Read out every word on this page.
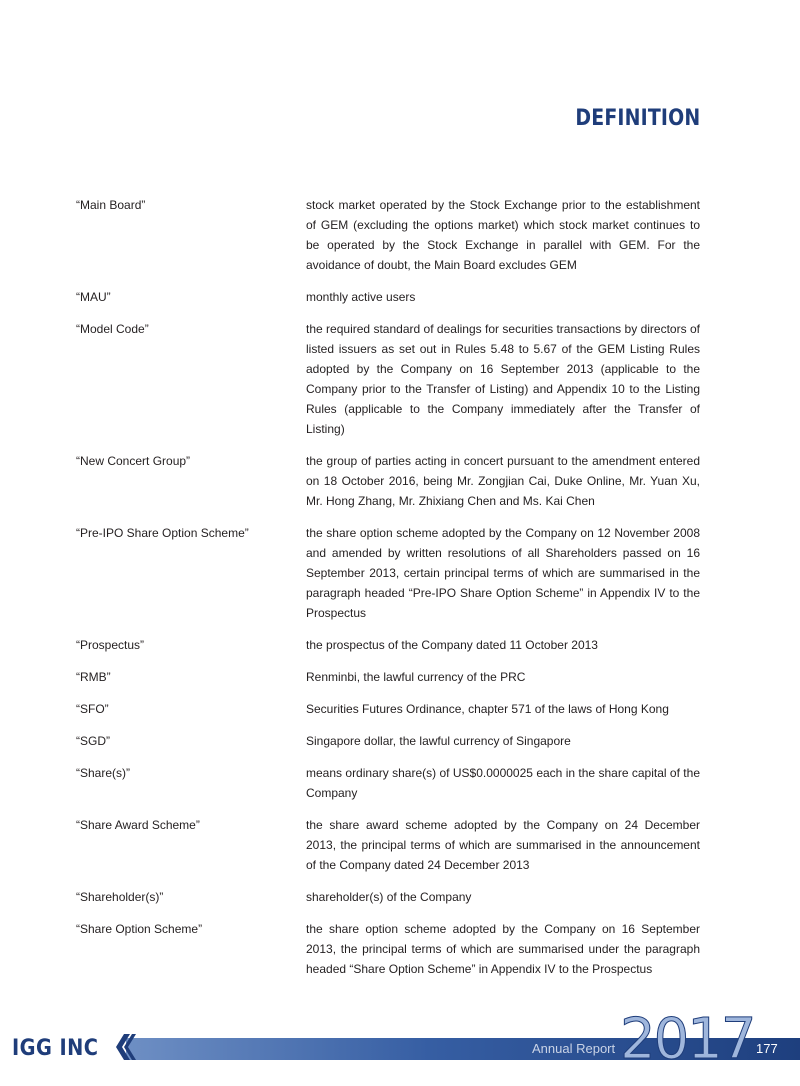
DEFINITION
“Main Board”	stock market operated by the Stock Exchange prior to the establishment of GEM (excluding the options market) which stock market continues to be operated by the Stock Exchange in parallel with GEM. For the avoidance of doubt, the Main Board excludes GEM
“MAU”	monthly active users
“Model Code”	the required standard of dealings for securities transactions by directors of listed issuers as set out in Rules 5.48 to 5.67 of the GEM Listing Rules adopted by the Company on 16 September 2013 (applicable to the Company prior to the Transfer of Listing) and Appendix 10 to the Listing Rules (applicable to the Company immediately after the Transfer of Listing)
“New Concert Group”	the group of parties acting in concert pursuant to the amendment entered on 18 October 2016, being Mr. Zongjian Cai, Duke Online, Mr. Yuan Xu, Mr. Hong Zhang, Mr. Zhixiang Chen and Ms. Kai Chen
“Pre-IPO Share Option Scheme”	the share option scheme adopted by the Company on 12 November 2008 and amended by written resolutions of all Shareholders passed on 16 September 2013, certain principal terms of which are summarised in the paragraph headed “Pre-IPO Share Option Scheme” in Appendix IV to the Prospectus
“Prospectus”	the prospectus of the Company dated 11 October 2013
“RMB”	Renminbi, the lawful currency of the PRC
“SFO”	Securities Futures Ordinance, chapter 571 of the laws of Hong Kong
“SGD”	Singapore dollar, the lawful currency of Singapore
“Share(s)”	means ordinary share(s) of US$0.0000025 each in the share capital of the Company
“Share Award Scheme”	the share award scheme adopted by the Company on 24 December 2013, the principal terms of which are summarised in the announcement of the Company dated 24 December 2013
“Shareholder(s)”	shareholder(s) of the Company
“Share Option Scheme”	the share option scheme adopted by the Company on 16 September 2013, the principal terms of which are summarised under the paragraph headed “Share Option Scheme” in Appendix IV to the Prospectus
IGG INC	Annual Report 2017 177
